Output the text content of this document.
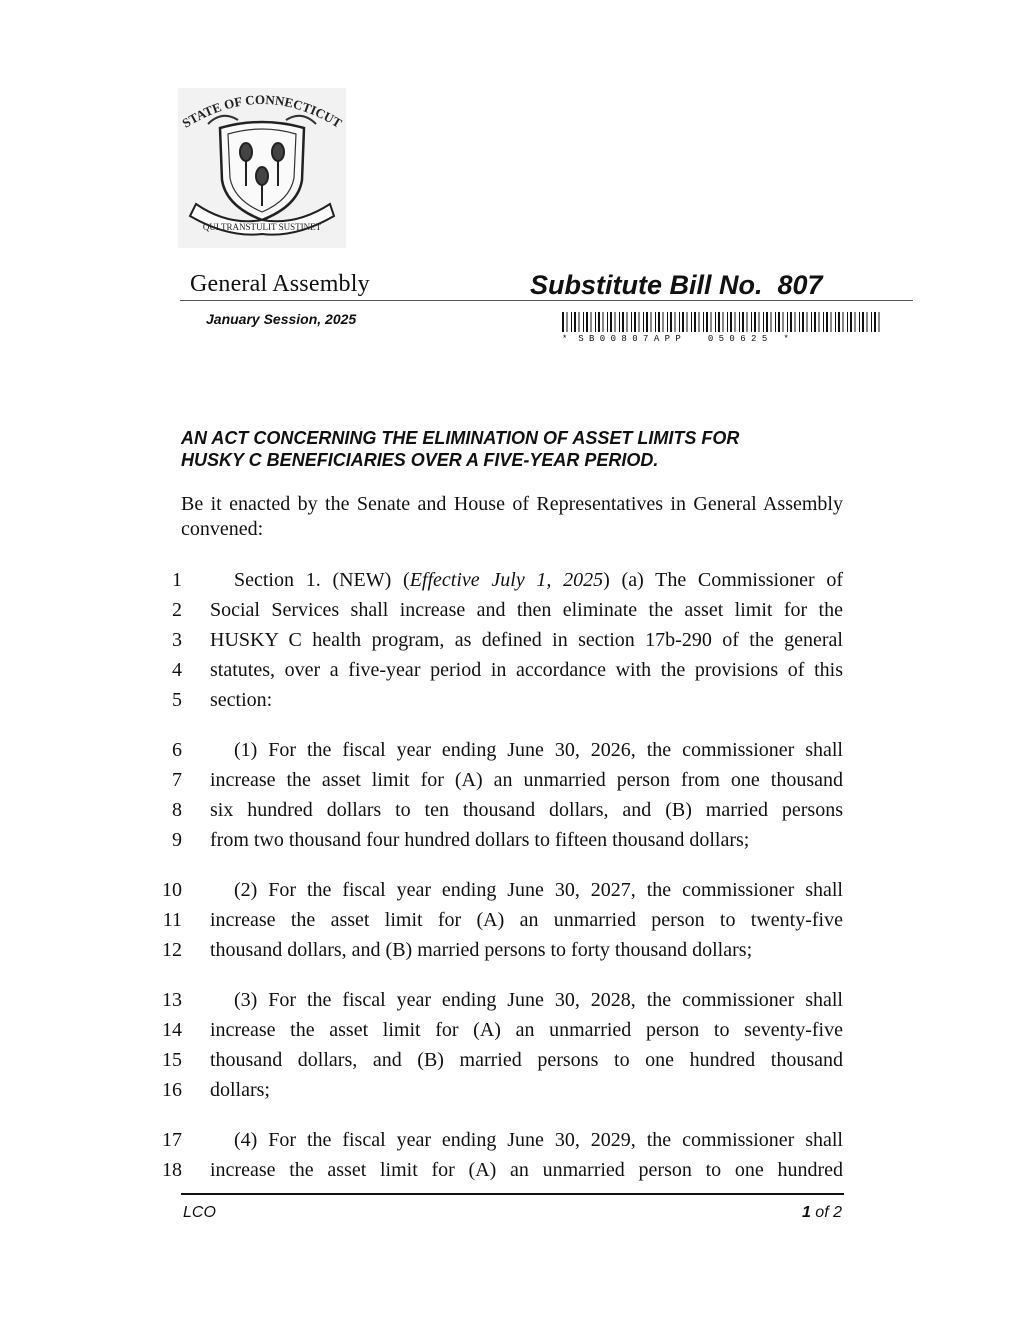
STATE OF CONNECTICUT
QUI TRANSTULIT SUSTINET
General Assembly	Substitute Bill No.  807
January Session, 2025
*  S B 0 0 8 0 7 A P P     0 5 0 6 2 5   *
AN ACT CONCERNING THE ELIMINATION OF ASSET LIMITS FOR
HUSKY C BENEFICIARIES OVER A FIVE-YEAR PERIOD.
Be it enacted by the Senate and House of Representatives in General Assembly convened:
1	Section 1. (NEW) (Effective July 1, 2025) (a) The Commissioner of
2 Social Services shall increase and then eliminate the asset limit for the
3 HUSKY C health program, as defined in section 17b-290 of the general
4 statutes, over a five-year period in accordance with the provisions of this
5 section:
6	(1) For the fiscal year ending June 30, 2026, the commissioner shall
7 increase the asset limit for (A) an unmarried person from one thousand
8 six hundred dollars to ten thousand dollars, and (B) married persons
9 from two thousand four hundred dollars to fifteen thousand dollars;
10	(2) For the fiscal year ending June 30, 2027, the commissioner shall
11 increase the asset limit for (A) an unmarried person to twenty-five
12 thousand dollars, and (B) married persons to forty thousand dollars;
13	(3) For the fiscal year ending June 30, 2028, the commissioner shall
14 increase the asset limit for (A) an unmarried person to seventy-five
15 thousand dollars, and (B) married persons to one hundred thousand
16 dollars;
17	(4) For the fiscal year ending June 30, 2029, the commissioner shall
18 increase the asset limit for (A) an unmarried person to one hundred
LCO	1 of 2
